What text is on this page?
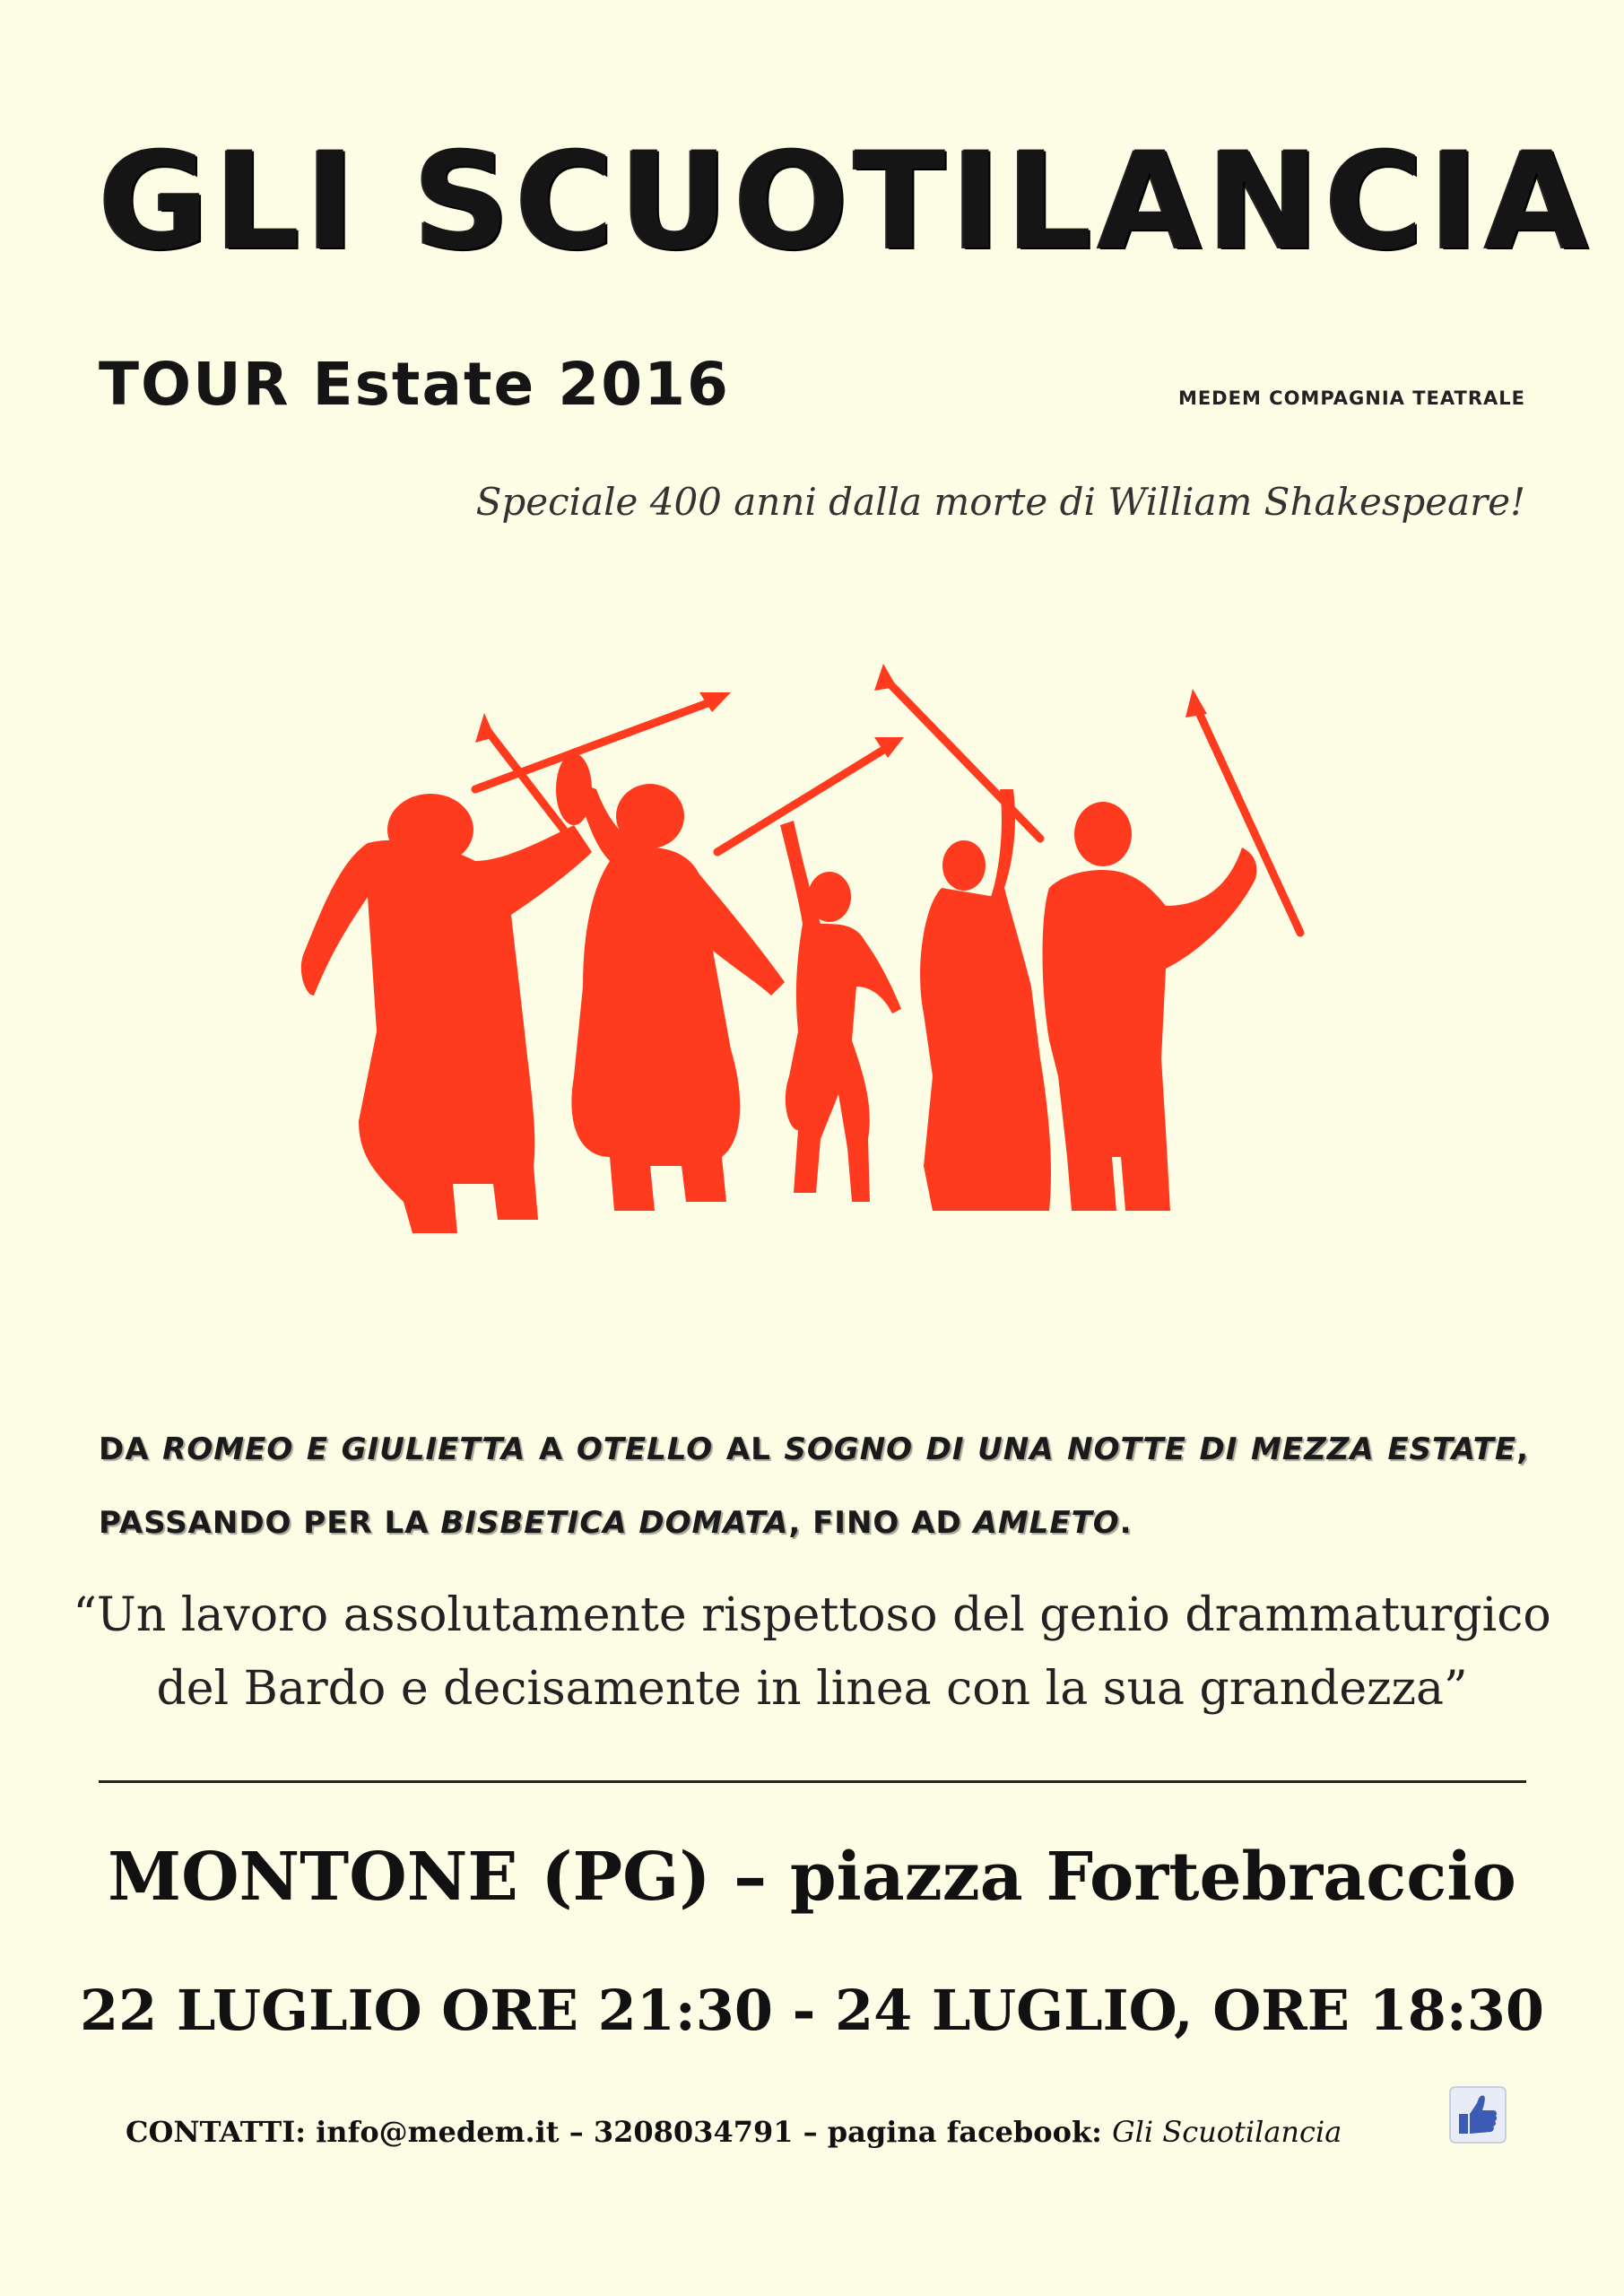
GLI SCUOTILANCIA
TOUR Estate 2016	MEDEM COMPAGNIA TEATRALE
Speciale 400 anni dalla morte di William Shakespeare!
DA ROMEO E GIULIETTA A OTELLO AL SOGNO DI UNA NOTTE DI MEZZA ESTATE, PASSANDO PER LA BISBETICA DOMATA, FINO AD AMLETO.
“Un lavoro assolutamente rispettoso del genio drammaturgico del Bardo e decisamente in linea con la sua grandezza”
MONTONE (PG) – piazza Fortebraccio
22 LUGLIO ORE 21:30 - 24 LUGLIO, ORE 18:30
CONTATTI: info@medem.it – 3208034791 – pagina facebook: Gli Scuotilancia
